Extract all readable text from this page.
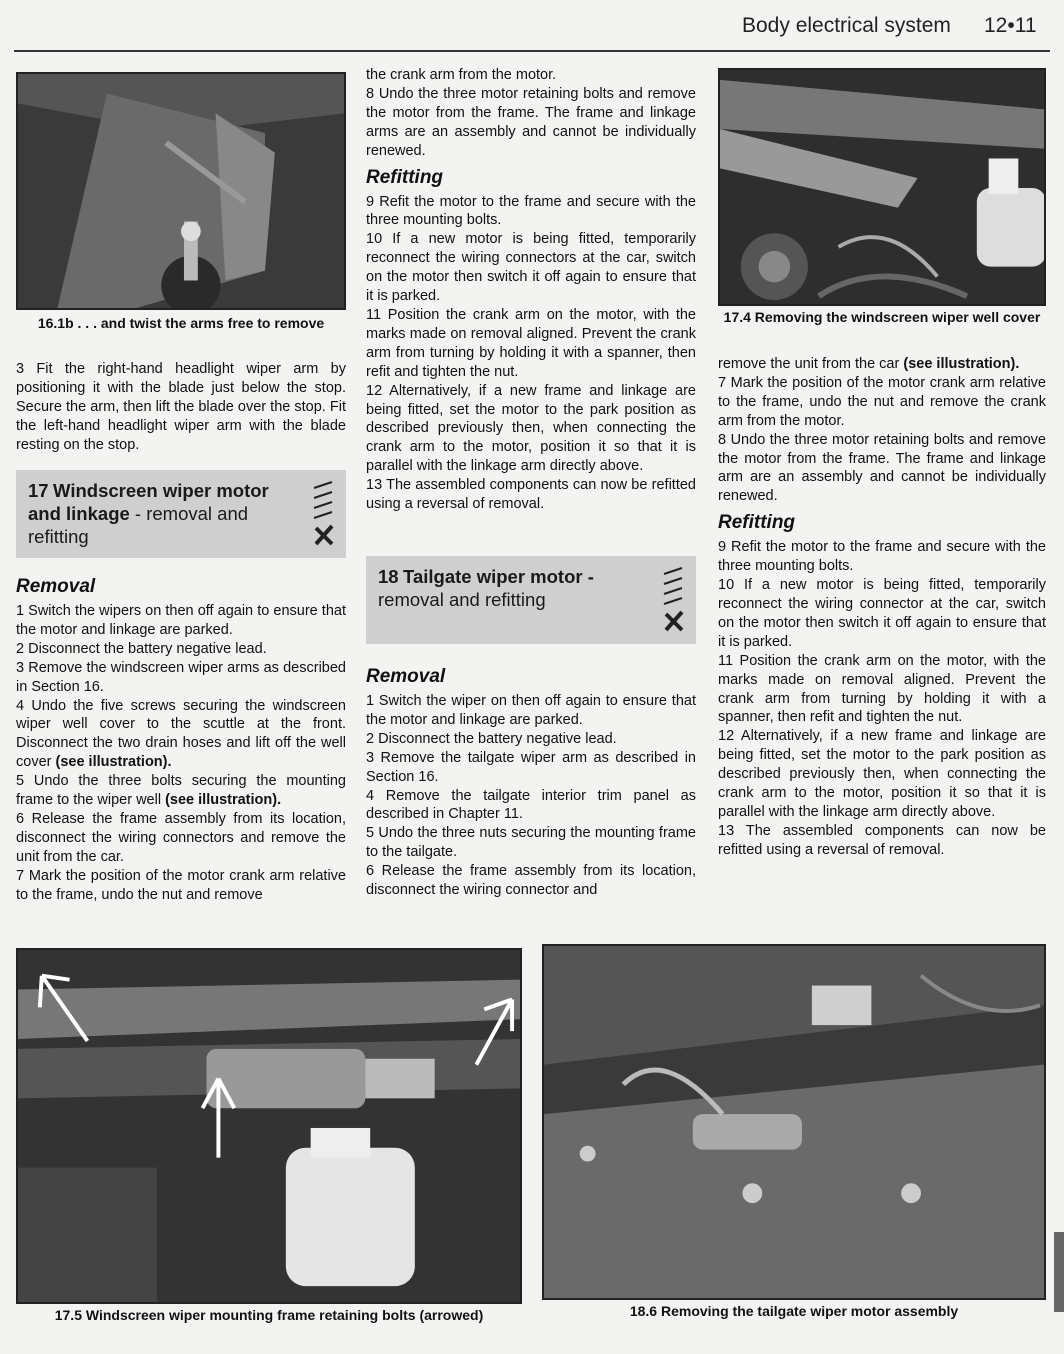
Body electrical system 12•11
16.1b . . . and twist the arms free to remove

3 Fit the right-hand headlight wiper arm by positioning it with the blade just below the stop. Secure the arm, then lift the blade over the stop. Fit the left-hand headlight wiper arm with the blade resting on the stop.

17 Windscreen wiper motor and linkage - removal and refitting
Removal

1 Switch the wipers on then off again to ensure that the motor and linkage are parked.

2 Disconnect the battery negative lead.

3 Remove the windscreen wiper arms as described in Section 16.

4 Undo the five screws securing the windscreen wiper well cover to the scuttle at the front. Disconnect the two drain hoses and lift off the well cover (see illustration).

5 Undo the three bolts securing the mounting frame to the wiper well (see illustration).

6 Release the frame assembly from its location, disconnect the wiring connectors and remove the unit from the car.

7 Mark the position of the motor crank arm relative to the frame, undo the nut and remove

the crank arm from the motor.

8 Undo the three motor retaining bolts and remove the motor from the frame. The frame and linkage arms are an assembly and cannot be individually renewed.

Refitting

9 Refit the motor to the frame and secure with the three mounting bolts.

10 If a new motor is being fitted, temporarily reconnect the wiring connectors at the car, switch on the motor then switch it off again to ensure that it is parked.

11 Position the crank arm on the motor, with the marks made on removal aligned. Prevent the crank arm from turning by holding it with a spanner, then refit and tighten the nut.

12 Alternatively, if a new frame and linkage are being fitted, set the motor to the park position as described previously then, when connecting the crank arm to the motor, position it so that it is parallel with the linkage arm directly above.

13 The assembled components can now be refitted using a reversal of removal.

18 Tailgate wiper motor -
removal and refitting
Removal

1 Switch the wiper on then off again to ensure that the motor and linkage are parked.

2 Disconnect the battery negative lead.

3 Remove the tailgate wiper arm as described in Section 16.

4 Remove the tailgate interior trim panel as described in Chapter 11.

5 Undo the three nuts securing the mounting frame to the tailgate.

6 Release the frame assembly from its location, disconnect the wiring connector and

17.4 Removing the windscreen wiper well cover

remove the unit from the car (see illustration).

7 Mark the position of the motor crank arm relative to the frame, undo the nut and remove the crank arm from the motor.

8 Undo the three motor retaining bolts and remove the motor from the frame. The frame and linkage arm are an assembly and cannot be individually renewed.

Refitting

9 Refit the motor to the frame and secure with the three mounting bolts.

10 If a new motor is being fitted, temporarily reconnect the wiring connector at the car, switch on the motor then switch it off again to ensure that it is parked.

11 Position the crank arm on the motor, with the marks made on removal aligned. Prevent the crank arm from turning by holding it with a spanner, then refit and tighten the nut.

12 Alternatively, if a new frame and linkage are being fitted, set the motor to the park position as described previously then, when connecting the crank arm to the motor, position it so that it is parallel with the linkage arm directly above.

13 The assembled components can now be refitted using a reversal of removal.

17.5 Windscreen wiper mounting frame retaining bolts (arrowed)	18.6 Removing the tailgate wiper motor assembly
